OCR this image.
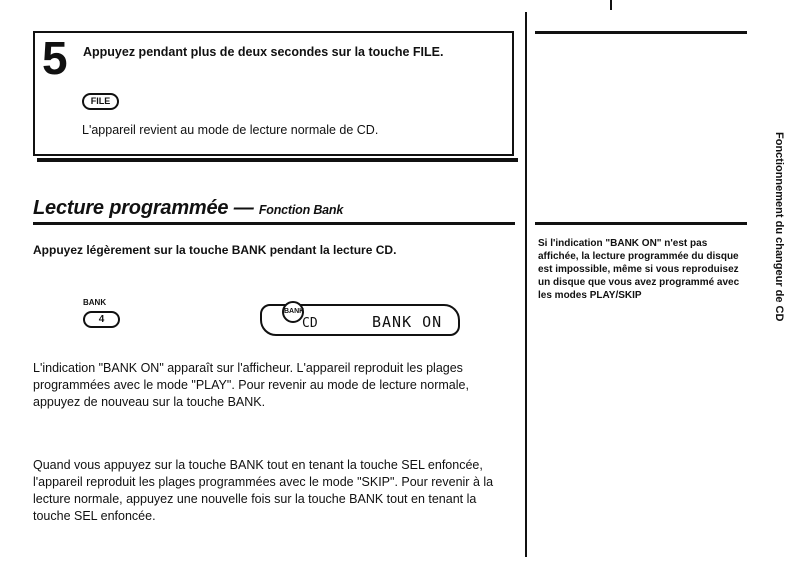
5 Appuyez pendant plus de deux secondes sur la touche FILE.
FILE
L'appareil revient au mode de lecture normale de CD.
Lecture programmée — Fonction Bank
Appuyez légèrement sur la touche BANK pendant la lecture CD.
BANK
4
BANK
CD	BANK ON
L'indication "BANK ON" apparaît sur l'afficheur. L'appareil reproduit les plages programmées avec le mode "PLAY". Pour revenir au mode de lecture normale, appuyez de nouveau sur la touche BANK.
Quand vous appuyez sur la touche BANK tout en tenant la touche SEL enfoncée, l'appareil reproduit les plages programmées avec le mode "SKIP". Pour revenir à la lecture normale, appuyez une nouvelle fois sur la touche BANK tout en tenant la touche SEL enfoncée.
Si l'indication "BANK ON" n'est pas affichée, la lecture programmée du disque est impossible, même si vous reproduisez un disque que vous avez programmé avec les modes PLAY/SKIP	Fonctionnement du changeur de CD
